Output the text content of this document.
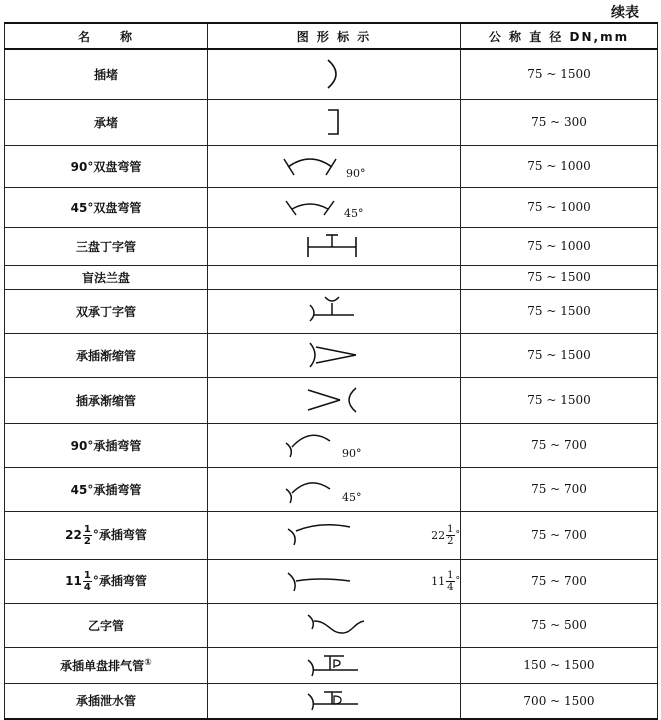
续表
名　　称	图 形 标 示	公 称 直 径 DN,mm
插堵		75 ~ 1500
承堵		75 ~ 300
90°双盘弯管	90°	75 ~ 1000
45°双盘弯管	45°	75 ~ 1000
三盘丁字管		75 ~ 1000
盲法兰盘		75 ~ 1500
双承丁字管		75 ~ 1500
承插渐缩管		75 ~ 1500
插承渐缩管		75 ~ 1500
90°承插弯管	90°	75 ~ 700
45°承插弯管	45°	75 ~ 700
$22 \frac{1}{2}$ °承插弯管	$22 \frac{1}{2}$ °	75 ~ 700
$11 \frac{1}{4}$ °承插弯管	$11 \frac{1}{4}$ °	75 ~ 700
乙字管		75 ~ 500
承插单盘排气管①		150 ~ 1500
承插泄水管		700 ~ 1500
